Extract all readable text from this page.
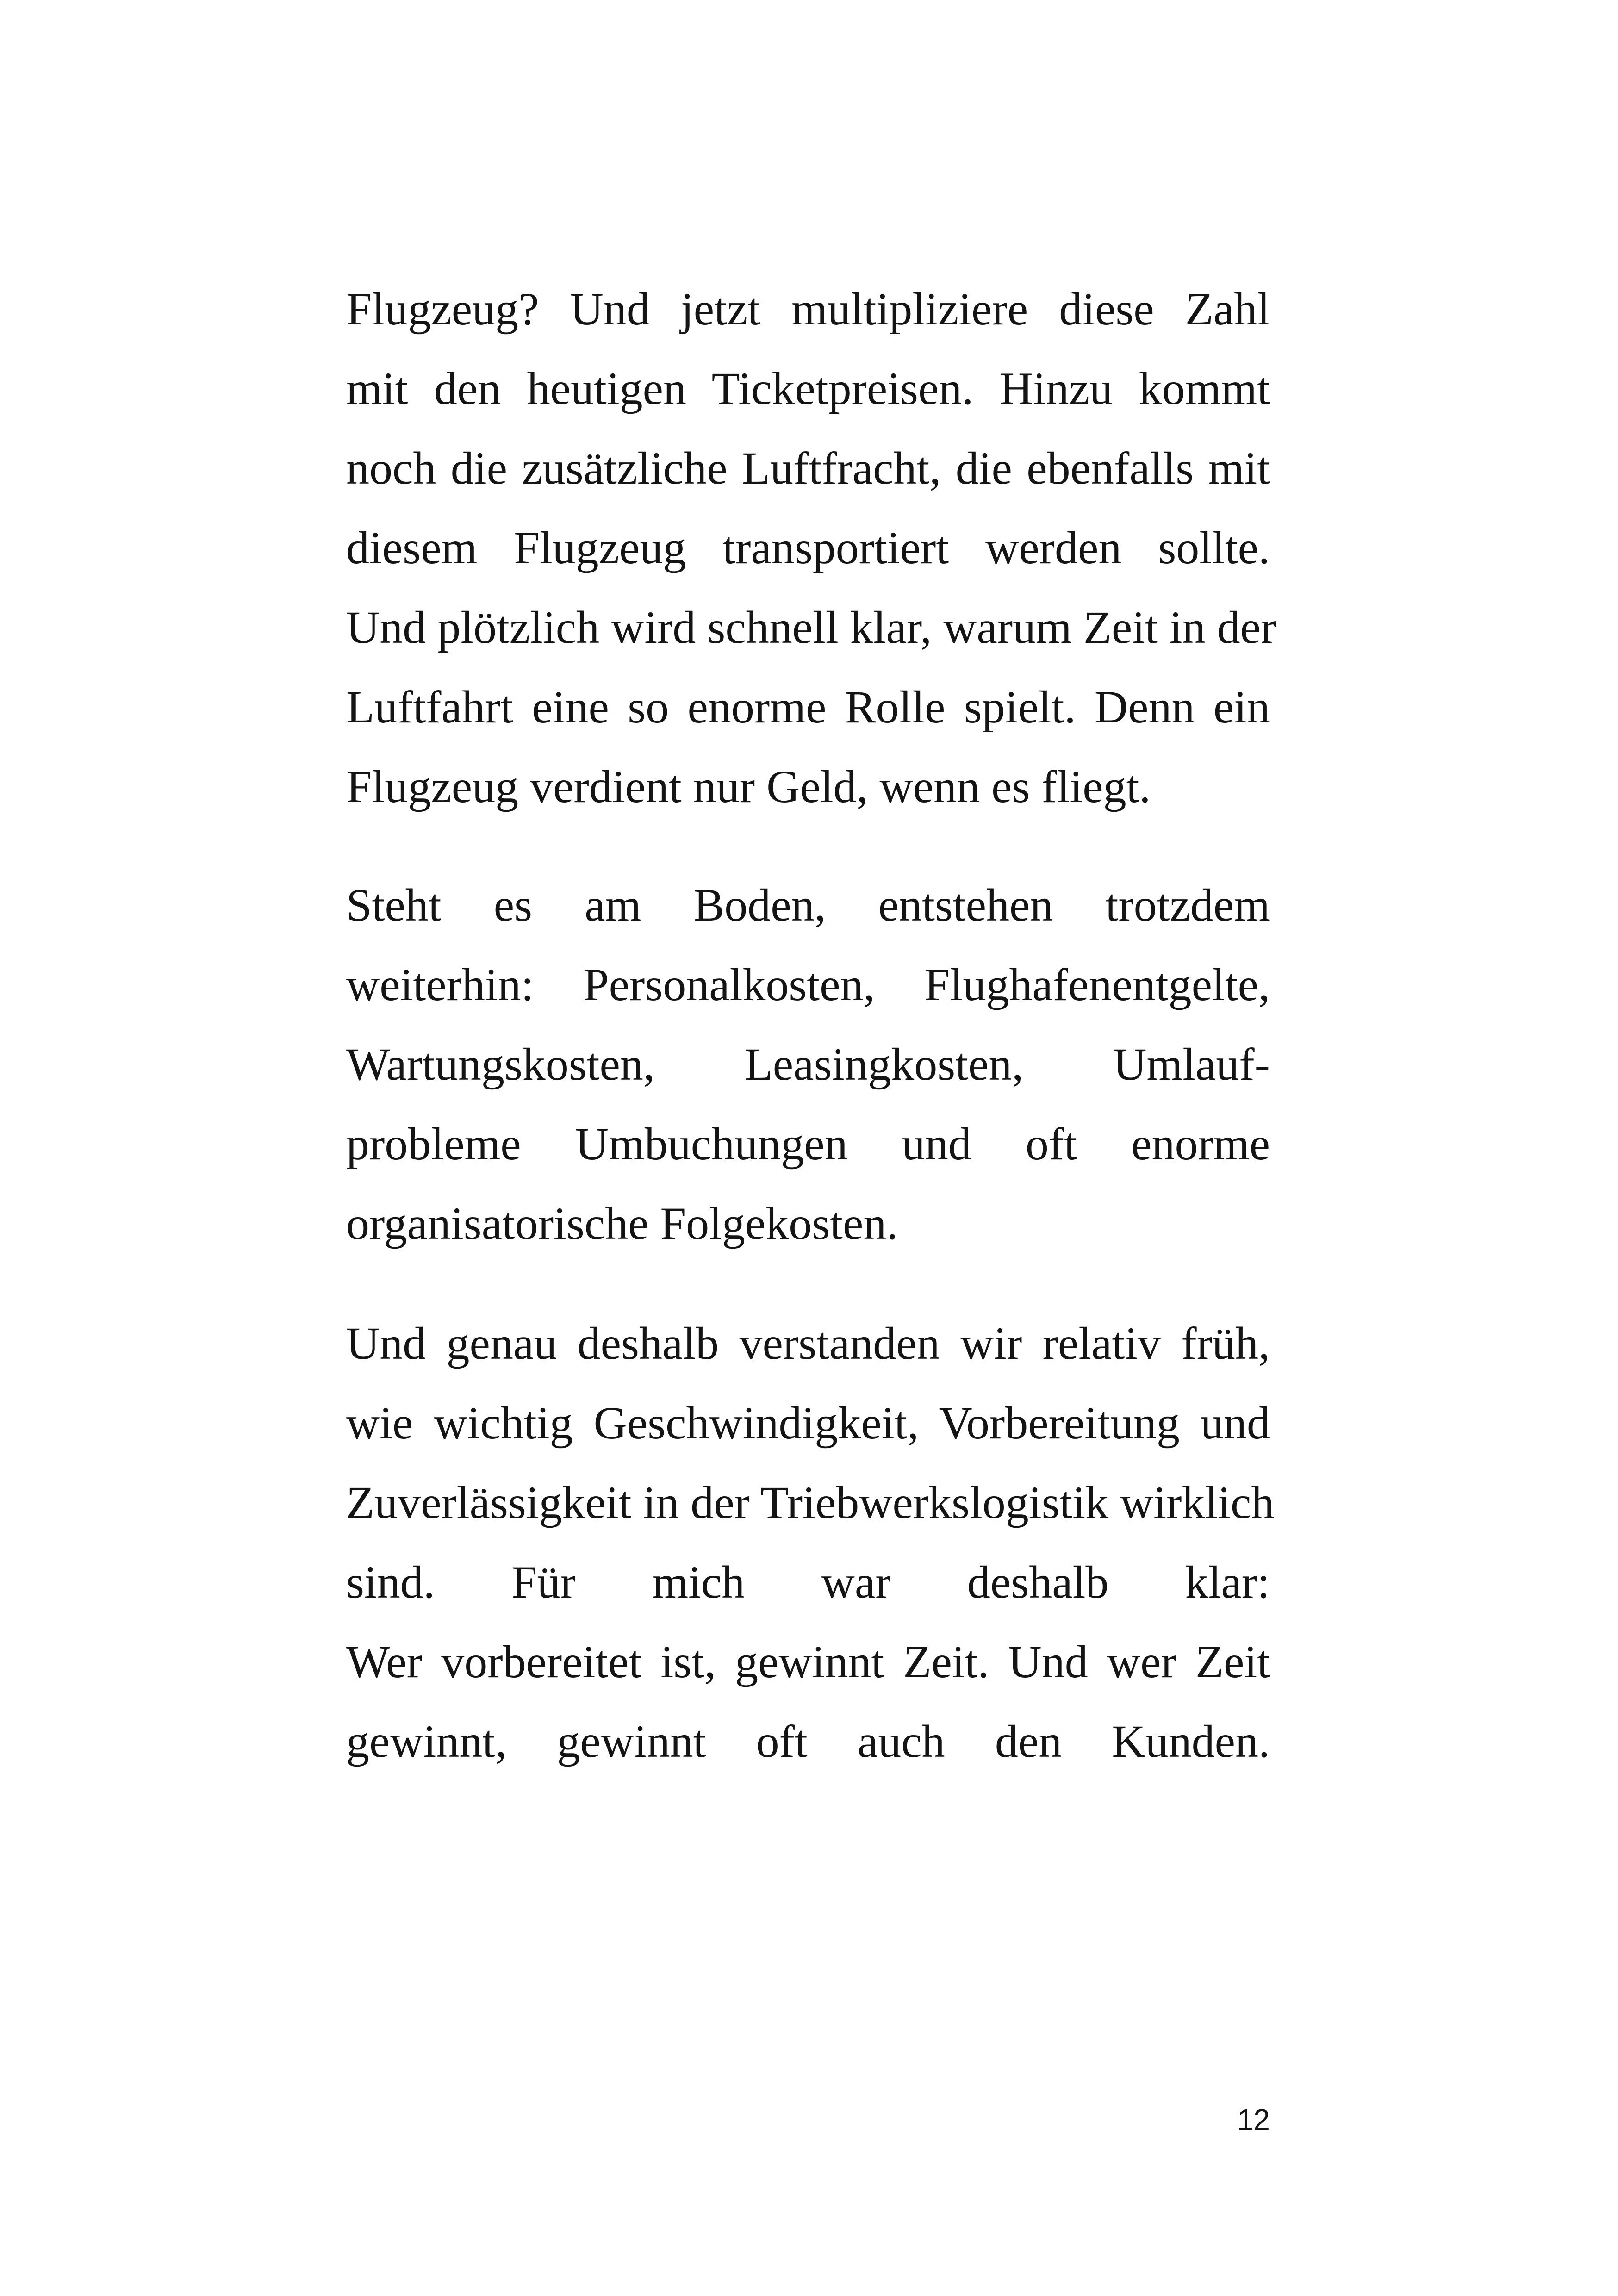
Flugzeug? Und jetzt multipliziere diese Zahl
mit den heutigen Ticketpreisen. Hinzu kommt
noch die zusätzliche Luftfracht, die ebenfalls mit
diesem Flugzeug transportiert werden sollte.
Und plötzlich wird schnell klar, warum Zeit in der
Luftfahrt eine so enorme Rolle spielt. Denn ein
Flugzeug verdient nur Geld, wenn es fliegt.
Steht es am Boden, entstehen trotzdem
weiterhin: Personalkosten, Flughafenentgelte,
Wartungskosten, Leasingkosten, Umlauf-
probleme Umbuchungen und oft enorme
organisatorische Folgekosten.
Und genau deshalb verstanden wir relativ früh,
wie wichtig Geschwindigkeit, Vorbereitung und
Zuverlässigkeit in der Triebwerkslogistik wirklich
sind. Für mich war deshalb klar:
Wer vorbereitet ist, gewinnt Zeit. Und wer Zeit
gewinnt, gewinnt oft auch den Kunden.
12
